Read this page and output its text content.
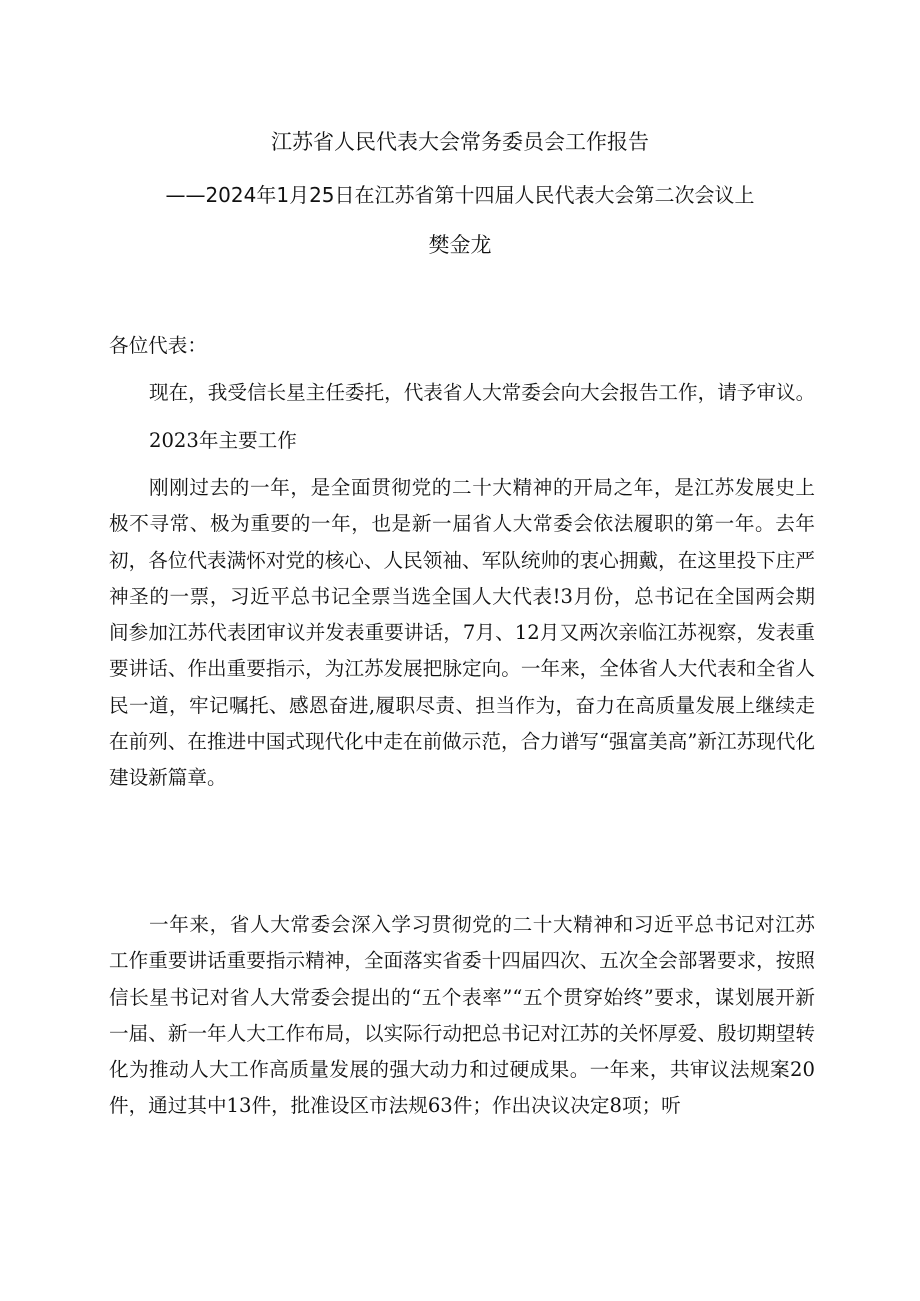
江苏省人民代表大会常务委员会工作报告
——2024年1月25日在江苏省第十四届人民代表大会第二次会议上
樊金龙
各位代表：
现在，我受信长星主任委托，代表省人大常委会向大会报告工作，请予审议。
2023年主要工作
刚刚过去的一年，是全面贯彻党的二十大精神的开局之年，是江苏发展史上极不寻常、极为重要的一年，也是新一届省人大常委会依法履职的第一年。去年初，各位代表满怀对党的核心、人民领袖、军队统帅的衷心拥戴，在这里投下庄严神圣的一票，习近平总书记全票当选全国人大代表!3月份，总书记在全国两会期间参加江苏代表团审议并发表重要讲话，7月、12月又两次亲临江苏视察，发表重要讲话、作出重要指示，为江苏发展把脉定向。一年来，全体省人大代表和全省人民一道，牢记嘱托、感恩奋进,履职尽责、担当作为，奋力在高质量发展上继续走在前列、在推进中国式现代化中走在前做示范，合力谱写“强富美高”新江苏现代化建设新篇章。
一年来，省人大常委会深入学习贯彻党的二十大精神和习近平总书记对江苏工作重要讲话重要指示精神，全面落实省委十四届四次、五次全会部署要求，按照信长星书记对省人大常委会提出的“五个表率”“五个贯穿始终”要求，谋划展开新一届、新一年人大工作布局，以实际行动把总书记对江苏的关怀厚爱、殷切期望转化为推动人大工作高质量发展的强大动力和过硬成果。一年来，共审议法规案20件，通过其中13件，批准设区市法规63件；作出决议决定8项；听
